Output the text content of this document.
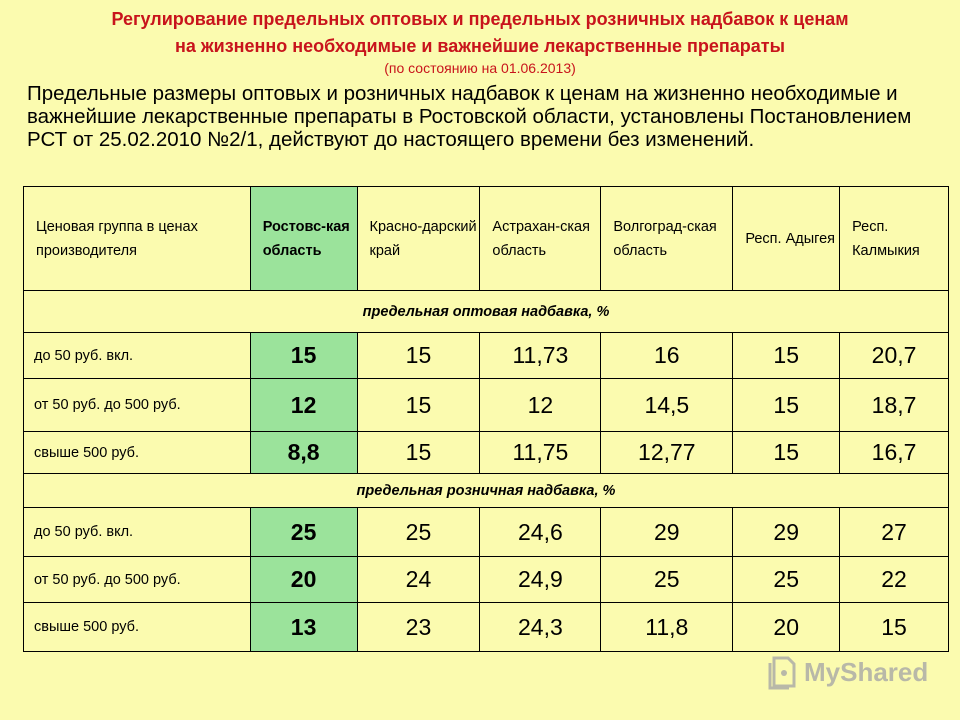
Регулирование предельных оптовых и предельных розничных надбавок к ценам
на жизненно необходимые и важнейшие лекарственные препараты
(по состоянию на 01.06.2013)
Предельные размеры оптовых и розничных надбавок к ценам на жизненно необходимые и важнейшие лекарственные препараты в Ростовской области, установлены Постановлением РСТ от 25.02.2010 №2/1, действуют до настоящего времени без изменений.
Ценовая группа в ценах производителя	Ростовс-кая область	Красно-дарский край	Астрахан-ская область	Волгоград-ская область	Респ. Адыгея	Респ. Калмыкия
предельная оптовая надбавка, %						
до 50 руб. вкл.	15	15	11,73	16	15	20,7
от 50 руб. до 500 руб.	12	15	12	14,5	15	18,7
свыше 500 руб.	8,8	15	11,75	12,77	15	16,7
предельная розничная надбавка, %						
до 50 руб. вкл.	25	25	24,6	29	29	27
от 50 руб. до 500 руб.	20	24	24,9	25	25	22
свыше 500 руб.	13	23	24,3	11,8	20	15
MyShared
